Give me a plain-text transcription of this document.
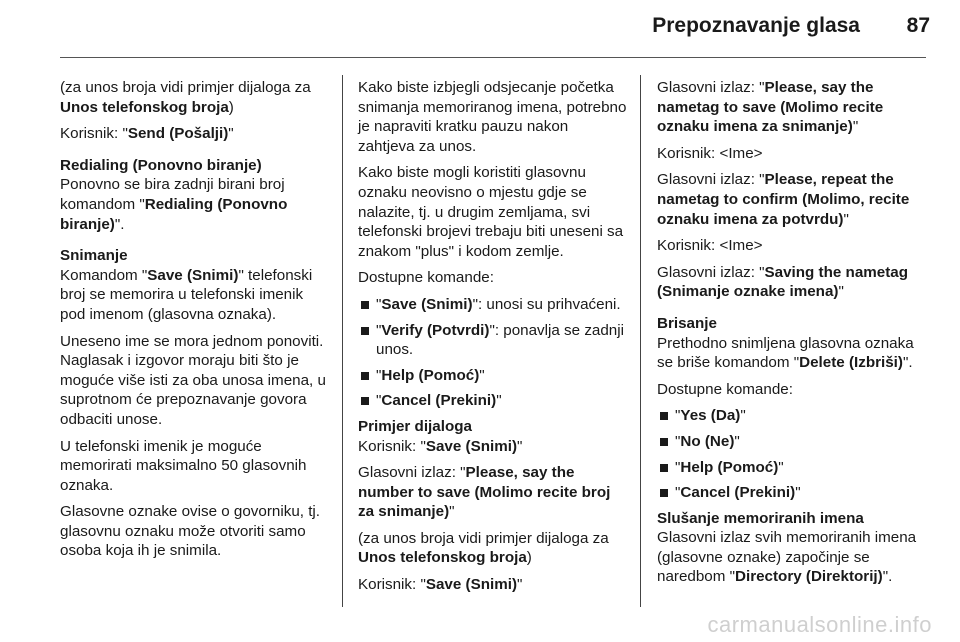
Prepoznavanje glasa 87

(za unos broja vidi primjer dijaloga za
Unos telefonskog broja)

Korisnik: "Send (Pošalji)"

Redialing (Ponovno biranje)
Ponovno se bira zadnji birani broj komandom "Redialing (Ponovno biranje)".

Snimanje
Komandom "Save (Snimi)" telefonski broj se memorira u telefonski imenik pod imenom (glasovna oznaka).

Uneseno ime se mora jednom ponoviti. Naglasak i izgovor moraju biti što je moguće više isti za oba unosa imena, u suprotnom će prepoznavanje govora odbaciti unose.

U telefonski imenik je moguće memorirati maksimalno 50 glasovnih oznaka.

Glasovne oznake ovise o govorniku, tj. glasovnu oznaku može otvoriti samo osoba koja ih je snimila.

Kako biste izbjegli odsjecanje početka snimanja memoriranog imena, potrebno je napraviti kratku pauzu nakon zahtjeva za unos.

Kako biste mogli koristiti glasovnu oznaku neovisno o mjestu gdje se nalazite, tj. u drugim zemljama, svi telefonski brojevi trebaju biti uneseni sa znakom "plus" i kodom zemlje.

Dostupne komande:

"Save (Snimi)": unosi su prihvaćeni.
"Verify (Potvrdi)": ponavlja se zadnji unos.
"Help (Pomoć)"
"Cancel (Prekini)"

Primjer dijaloga
Korisnik: "Save (Snimi)"

Glasovni izlaz: "Please, say the number to save (Molimo recite broj za snimanje)"

(za unos broja vidi primjer dijaloga za Unos telefonskog broja)

Korisnik: "Save (Snimi)"

Glasovni izlaz: "Please, say the nametag to save (Molimo recite oznaku imena za snimanje)"

Korisnik: <Ime>

Glasovni izlaz: "Please, repeat the nametag to confirm (Molimo, recite oznaku imena za potvrdu)"

Korisnik: <Ime>

Glasovni izlaz: "Saving the nametag (Snimanje oznake imena)"

Brisanje
Prethodno snimljena glasovna oznaka se briše komandom "Delete (Izbriši)".

Dostupne komande:

"Yes (Da)"
"No (Ne)"
"Help (Pomoć)"
"Cancel (Prekini)"

Slušanje memoriranih imena
Glasovni izlaz svih memoriranih imena (glasovne oznake) započinje se naredbom "Directory (Direktorij)".

carmanualsonline.info
